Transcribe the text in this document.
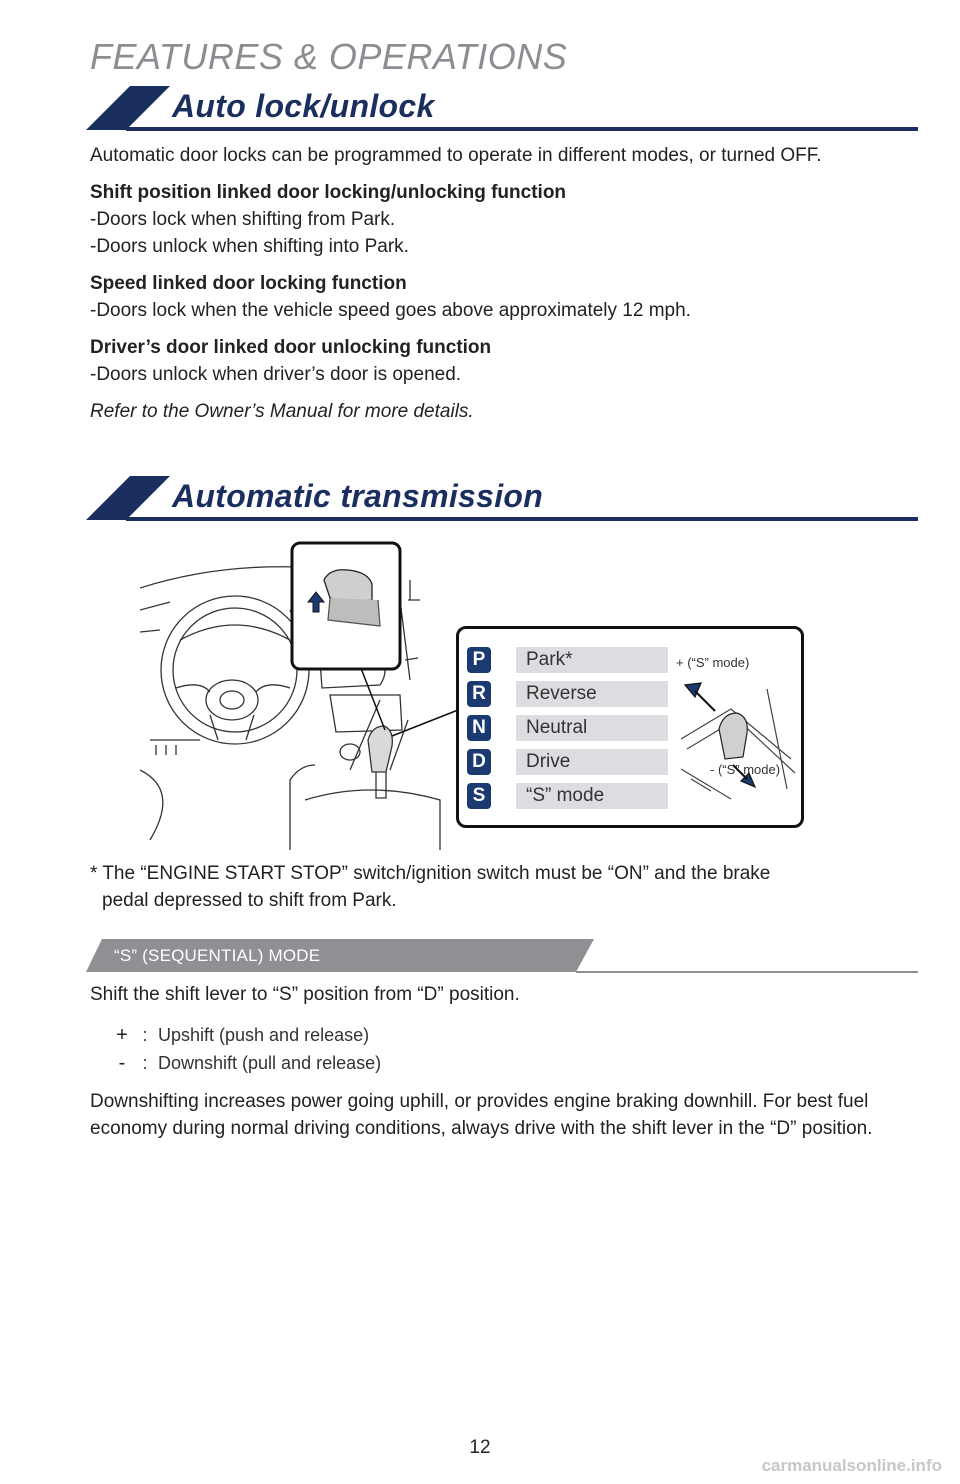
FEATURES & OPERATIONS
Auto lock/unlock

Automatic door locks can be programmed to operate in different modes, or turned OFF.

Shift position linked door locking/unlocking function

-Doors lock when shifting from Park.

-Doors unlock when shifting into Park.

Speed linked door locking function

-Doors lock when the vehicle speed goes above approximately 12 mph.

Driver’s door linked door unlocking function

-Doors unlock when driver’s door is opened.

Refer to the Owner’s Manual for more details.

Automatic transmission
P	Park*
R	Reverse
N	Neutral
D	Drive
S	“S” mode
+ (“S” mode)
- (“S” mode)
* The “ENGINE START STOP” switch/ignition switch must be “ON” and the brake
pedal depressed to shift from Park.
“S” (SEQUENTIAL) MODE
Shift the shift lever to “S” position from “D” position.
+ : Upshift (push and release)
- : Downshift (pull and release)
Downshifting increases power going uphill, or provides engine braking downhill. For best fuel economy during normal driving conditions, always drive with the shift lever in the “D” position.
12
carmanualsonline.info
